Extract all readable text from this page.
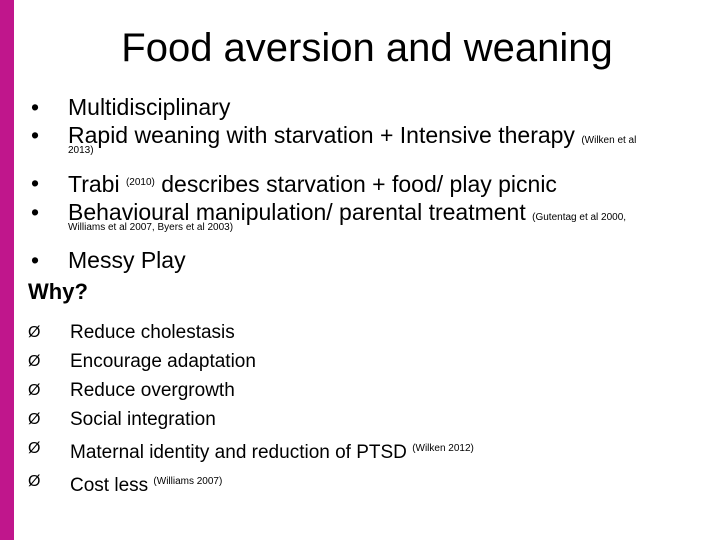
Food aversion and weaning
• Multidisciplinary
• Rapid weaning with starvation + Intensive therapy (Wilken et al
2013)
• Trabi $^{(2010)}$ describes starvation + food/ play picnic
• Behavioural manipulation/ parental treatment (Gutentag et al 2000,
Williams et al 2007, Byers et al 2003)
• Messy Play
Why?
Ø Reduce cholestasis
Ø Encourage adaptation
Ø Reduce overgrowth
Ø Social integration
Ø Maternal identity and reduction of PTSD $^{(Wilken 2012)}$
Ø Cost less $^{(Williams 2007)}$
